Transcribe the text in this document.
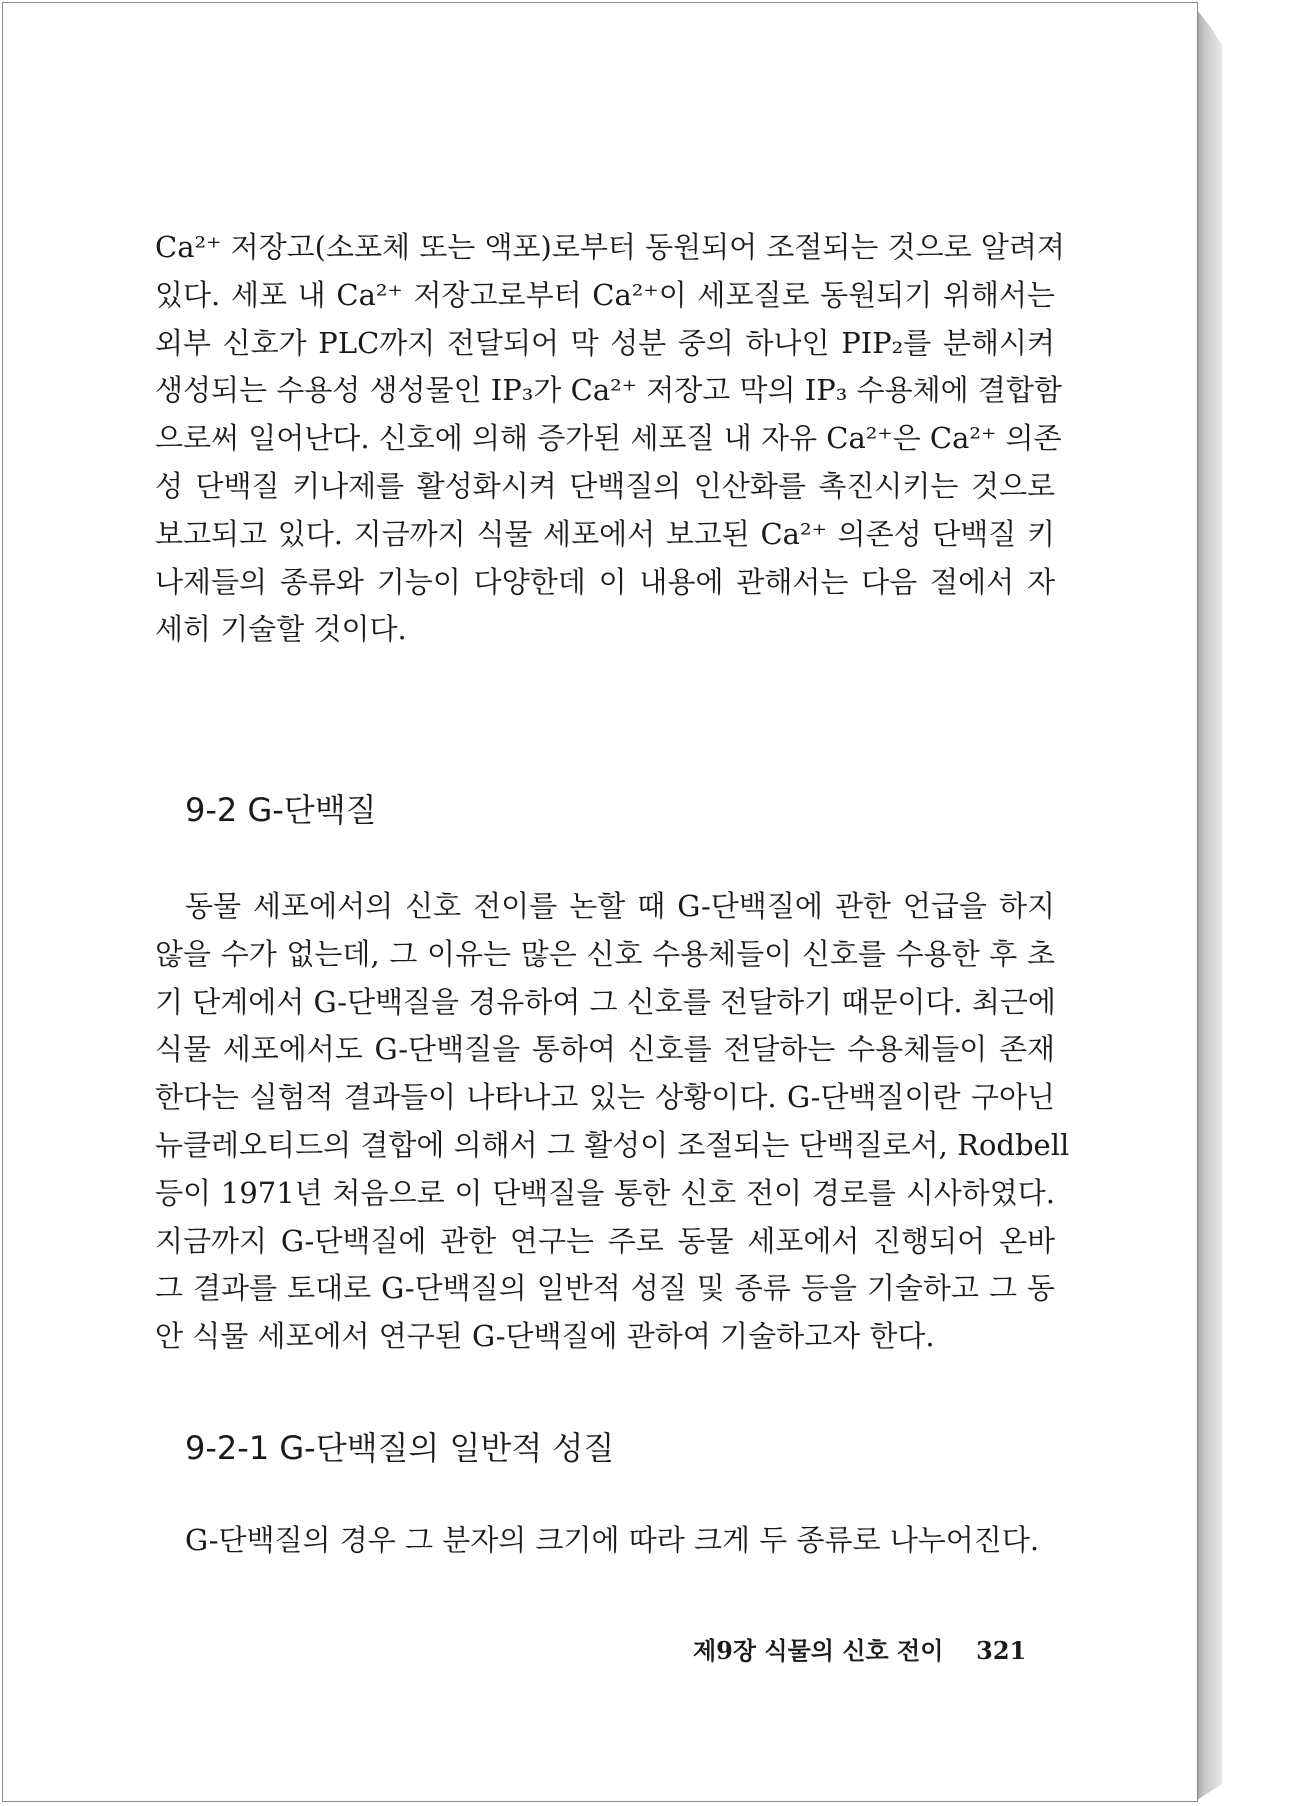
Ca²⁺ 저장고(소포체 또는 액포)로부터 동원되어 조절되는 것으로 알려져
있다. 세포 내 Ca²⁺ 저장고로부터 Ca²⁺이 세포질로 동원되기 위해서는
외부 신호가 PLC까지 전달되어 막 성분 중의 하나인 PIP₂를 분해시켜
생성되는 수용성 생성물인 IP₃가 Ca²⁺ 저장고 막의 IP₃ 수용체에 결합함
으로써 일어난다. 신호에 의해 증가된 세포질 내 자유 Ca²⁺은 Ca²⁺ 의존
성 단백질 키나제를 활성화시켜 단백질의 인산화를 촉진시키는 것으로
보고되고 있다. 지금까지 식물 세포에서 보고된 Ca²⁺ 의존성 단백질 키
나제들의 종류와 기능이 다양한데 이 내용에 관해서는 다음 절에서 자
세히 기술할 것이다.
9-2 G-단백질
동물 세포에서의 신호 전이를 논할 때 G-단백질에 관한 언급을 하지
않을 수가 없는데, 그 이유는 많은 신호 수용체들이 신호를 수용한 후 초
기 단계에서 G-단백질을 경유하여 그 신호를 전달하기 때문이다. 최근에
식물 세포에서도 G-단백질을 통하여 신호를 전달하는 수용체들이 존재
한다는 실험적 결과들이 나타나고 있는 상황이다. G-단백질이란 구아닌
뉴클레오티드의 결합에 의해서 그 활성이 조절되는 단백질로서, Rodbell
등이 1971년 처음으로 이 단백질을 통한 신호 전이 경로를 시사하였다.
지금까지 G-단백질에 관한 연구는 주로 동물 세포에서 진행되어 온바
그 결과를 토대로 G-단백질의 일반적 성질 및 종류 등을 기술하고 그 동
안 식물 세포에서 연구된 G-단백질에 관하여 기술하고자 한다.
9-2-1 G-단백질의 일반적 성질
G-단백질의 경우 그 분자의 크기에 따라 크게 두 종류로 나누어진다.
제9장 식물의 신호 전이 321
